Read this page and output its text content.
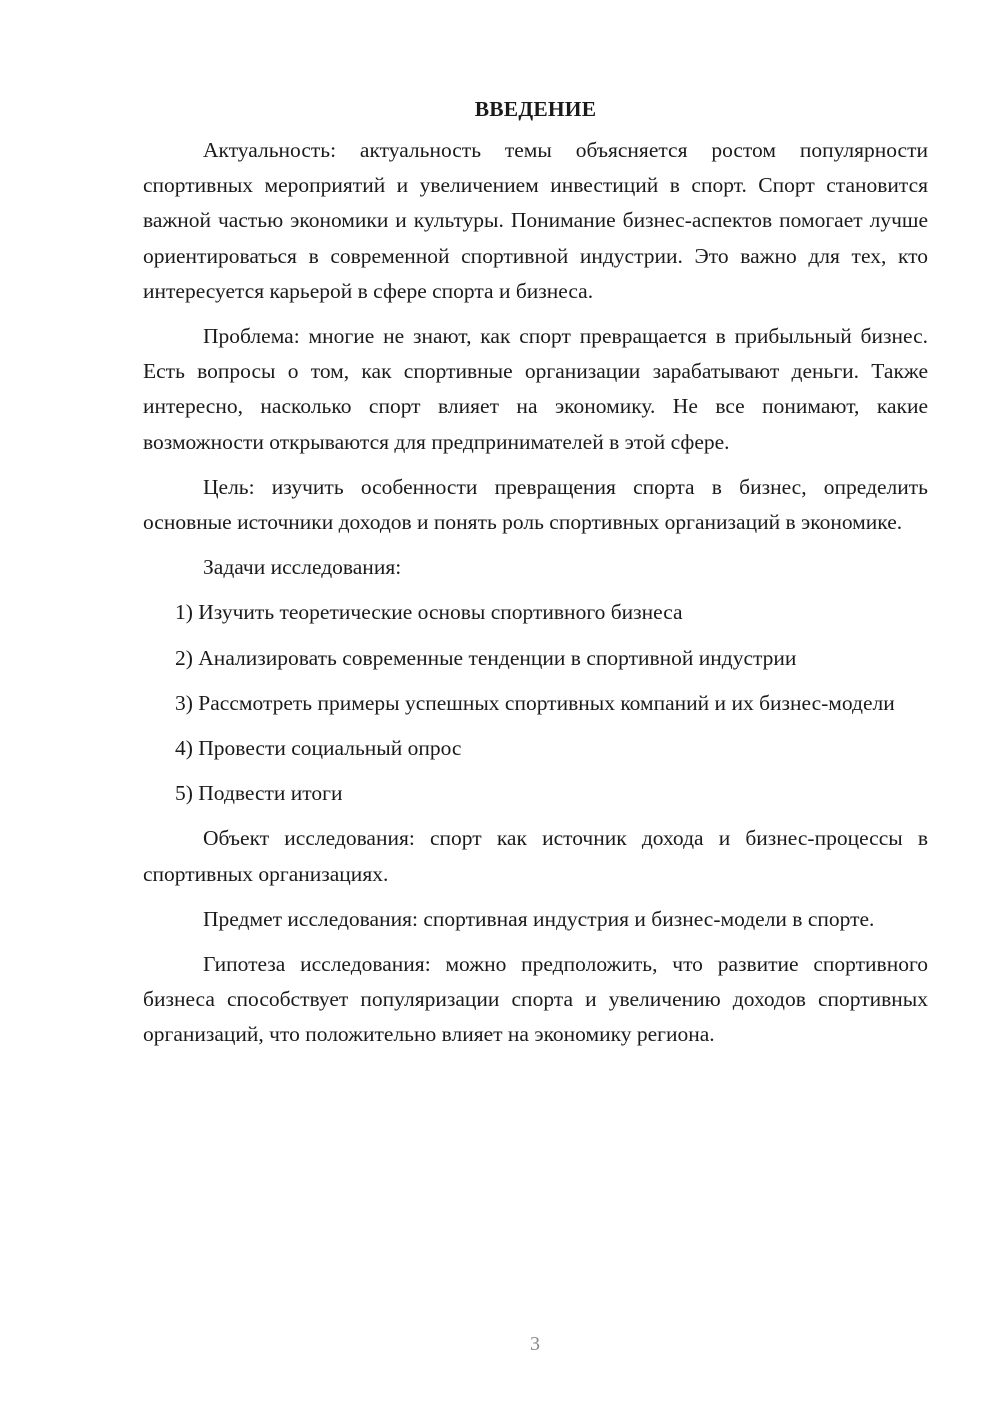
ВВЕДЕНИЕ

Актуальность: актуальность темы объясняется ростом популярности спортивных мероприятий и увеличением инвестиций в спорт. Спорт становится важной частью экономики и культуры. Понимание бизнес-аспектов помогает лучше ориентироваться в современной спортивной индустрии. Это важно для тех, кто интересуется карьерой в сфере спорта и бизнеса.

Проблема: многие не знают, как спорт превращается в прибыльный бизнес. Есть вопросы о том, как спортивные организации зарабатывают деньги. Также интересно, насколько спорт влияет на экономику. Не все понимают, какие возможности открываются для предпринимателей в этой сфере.

Цель: изучить особенности превращения спорта в бизнес, определить основные источники доходов и понять роль спортивных организаций в экономике.

Задачи исследования:

1) Изучить теоретические основы спортивного бизнеса

2) Анализировать современные тенденции в спортивной индустрии

3) Рассмотреть примеры успешных спортивных компаний и их бизнес-модели

4) Провести социальный опрос

5) Подвести итоги

Объект исследования: спорт как источник дохода и бизнес-процессы в спортивных организациях.

Предмет исследования: спортивная индустрия и бизнес-модели в спорте.

Гипотеза исследования: можно предположить, что развитие спортивного бизнеса способствует популяризации спорта и увеличению доходов спортивных организаций, что положительно влияет на экономику региона.

3
